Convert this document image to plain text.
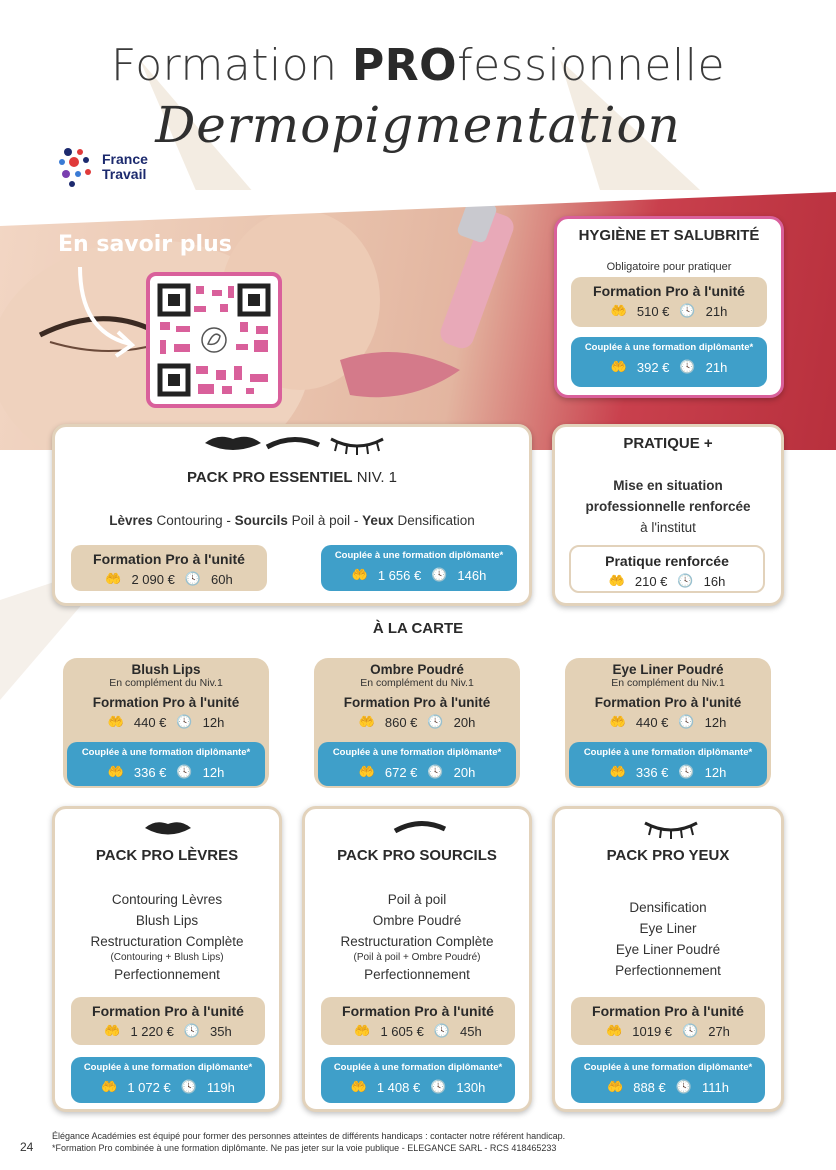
Formation PROfessionnelle
Dermopigmentation
France
Travail
En savoir plus	HYGIÈNE ET SALUBRITÉ
Obligatoire pour pratiquer
Formation Pro à l'unité
🤲 510 € 🕓 21h
Couplée à une formation diplômante*
🤲 392 € 🕓 21h
PACK PRO ESSENTIEL NIV. 1
Lèvres Contouring - Sourcils Poil à poil - Yeux Densification
Formation Pro à l'unité
🤲 2 090 € 🕓 60h
Couplée à une formation diplômante*
🤲 1 656 € 🕓 146h
PRATIQUE +
Mise en situation
professionnelle renforcée
à l'institut
Pratique renforcée
🤲 210 € 🕓 16h
À LA CARTE
Blush Lips
En complément du Niv.1
Formation Pro à l'unité
🤲 440 € 🕓 12h
Couplée à une formation diplômante*
🤲 336 € 🕓 12h
Ombre Poudré
En complément du Niv.1
Formation Pro à l'unité
🤲 860 € 🕓 20h
Couplée à une formation diplômante*
🤲 672 € 🕓 20h
Eye Liner Poudré
En complément du Niv.1
Formation Pro à l'unité
🤲 440 € 🕓 12h
Couplée à une formation diplômante*
🤲 336 € 🕓 12h
PACK PRO LÈVRES
Contouring Lèvres
Blush Lips
Restructuration Complète
(Contouring + Blush Lips)
Perfectionnement
Formation Pro à l'unité
🤲 1 220 € 🕓 35h
Couplée à une formation diplômante*
🤲 1 072 € 🕓 119h
PACK PRO SOURCILS
Poil à poil
Ombre Poudré
Restructuration Complète
(Poil à poil + Ombre Poudré)
Perfectionnement
Formation Pro à l'unité
🤲 1 605 € 🕓 45h
Couplée à une formation diplômante*
🤲 1 408 € 🕓 130h
PACK PRO YEUX
Densification
Eye Liner
Eye Liner Poudré
Perfectionnement
Formation Pro à l'unité
🤲 1019 € 🕓 27h
Couplée à une formation diplômante*
🤲 888 € 🕓 111h
24
Élégance Académies est équipé pour former des personnes atteintes de différents handicaps : contacter notre référent handicap.
*Formation Pro combinée à une formation diplômante. Ne pas jeter sur la voie publique - ELEGANCE SARL - RCS 418465233
